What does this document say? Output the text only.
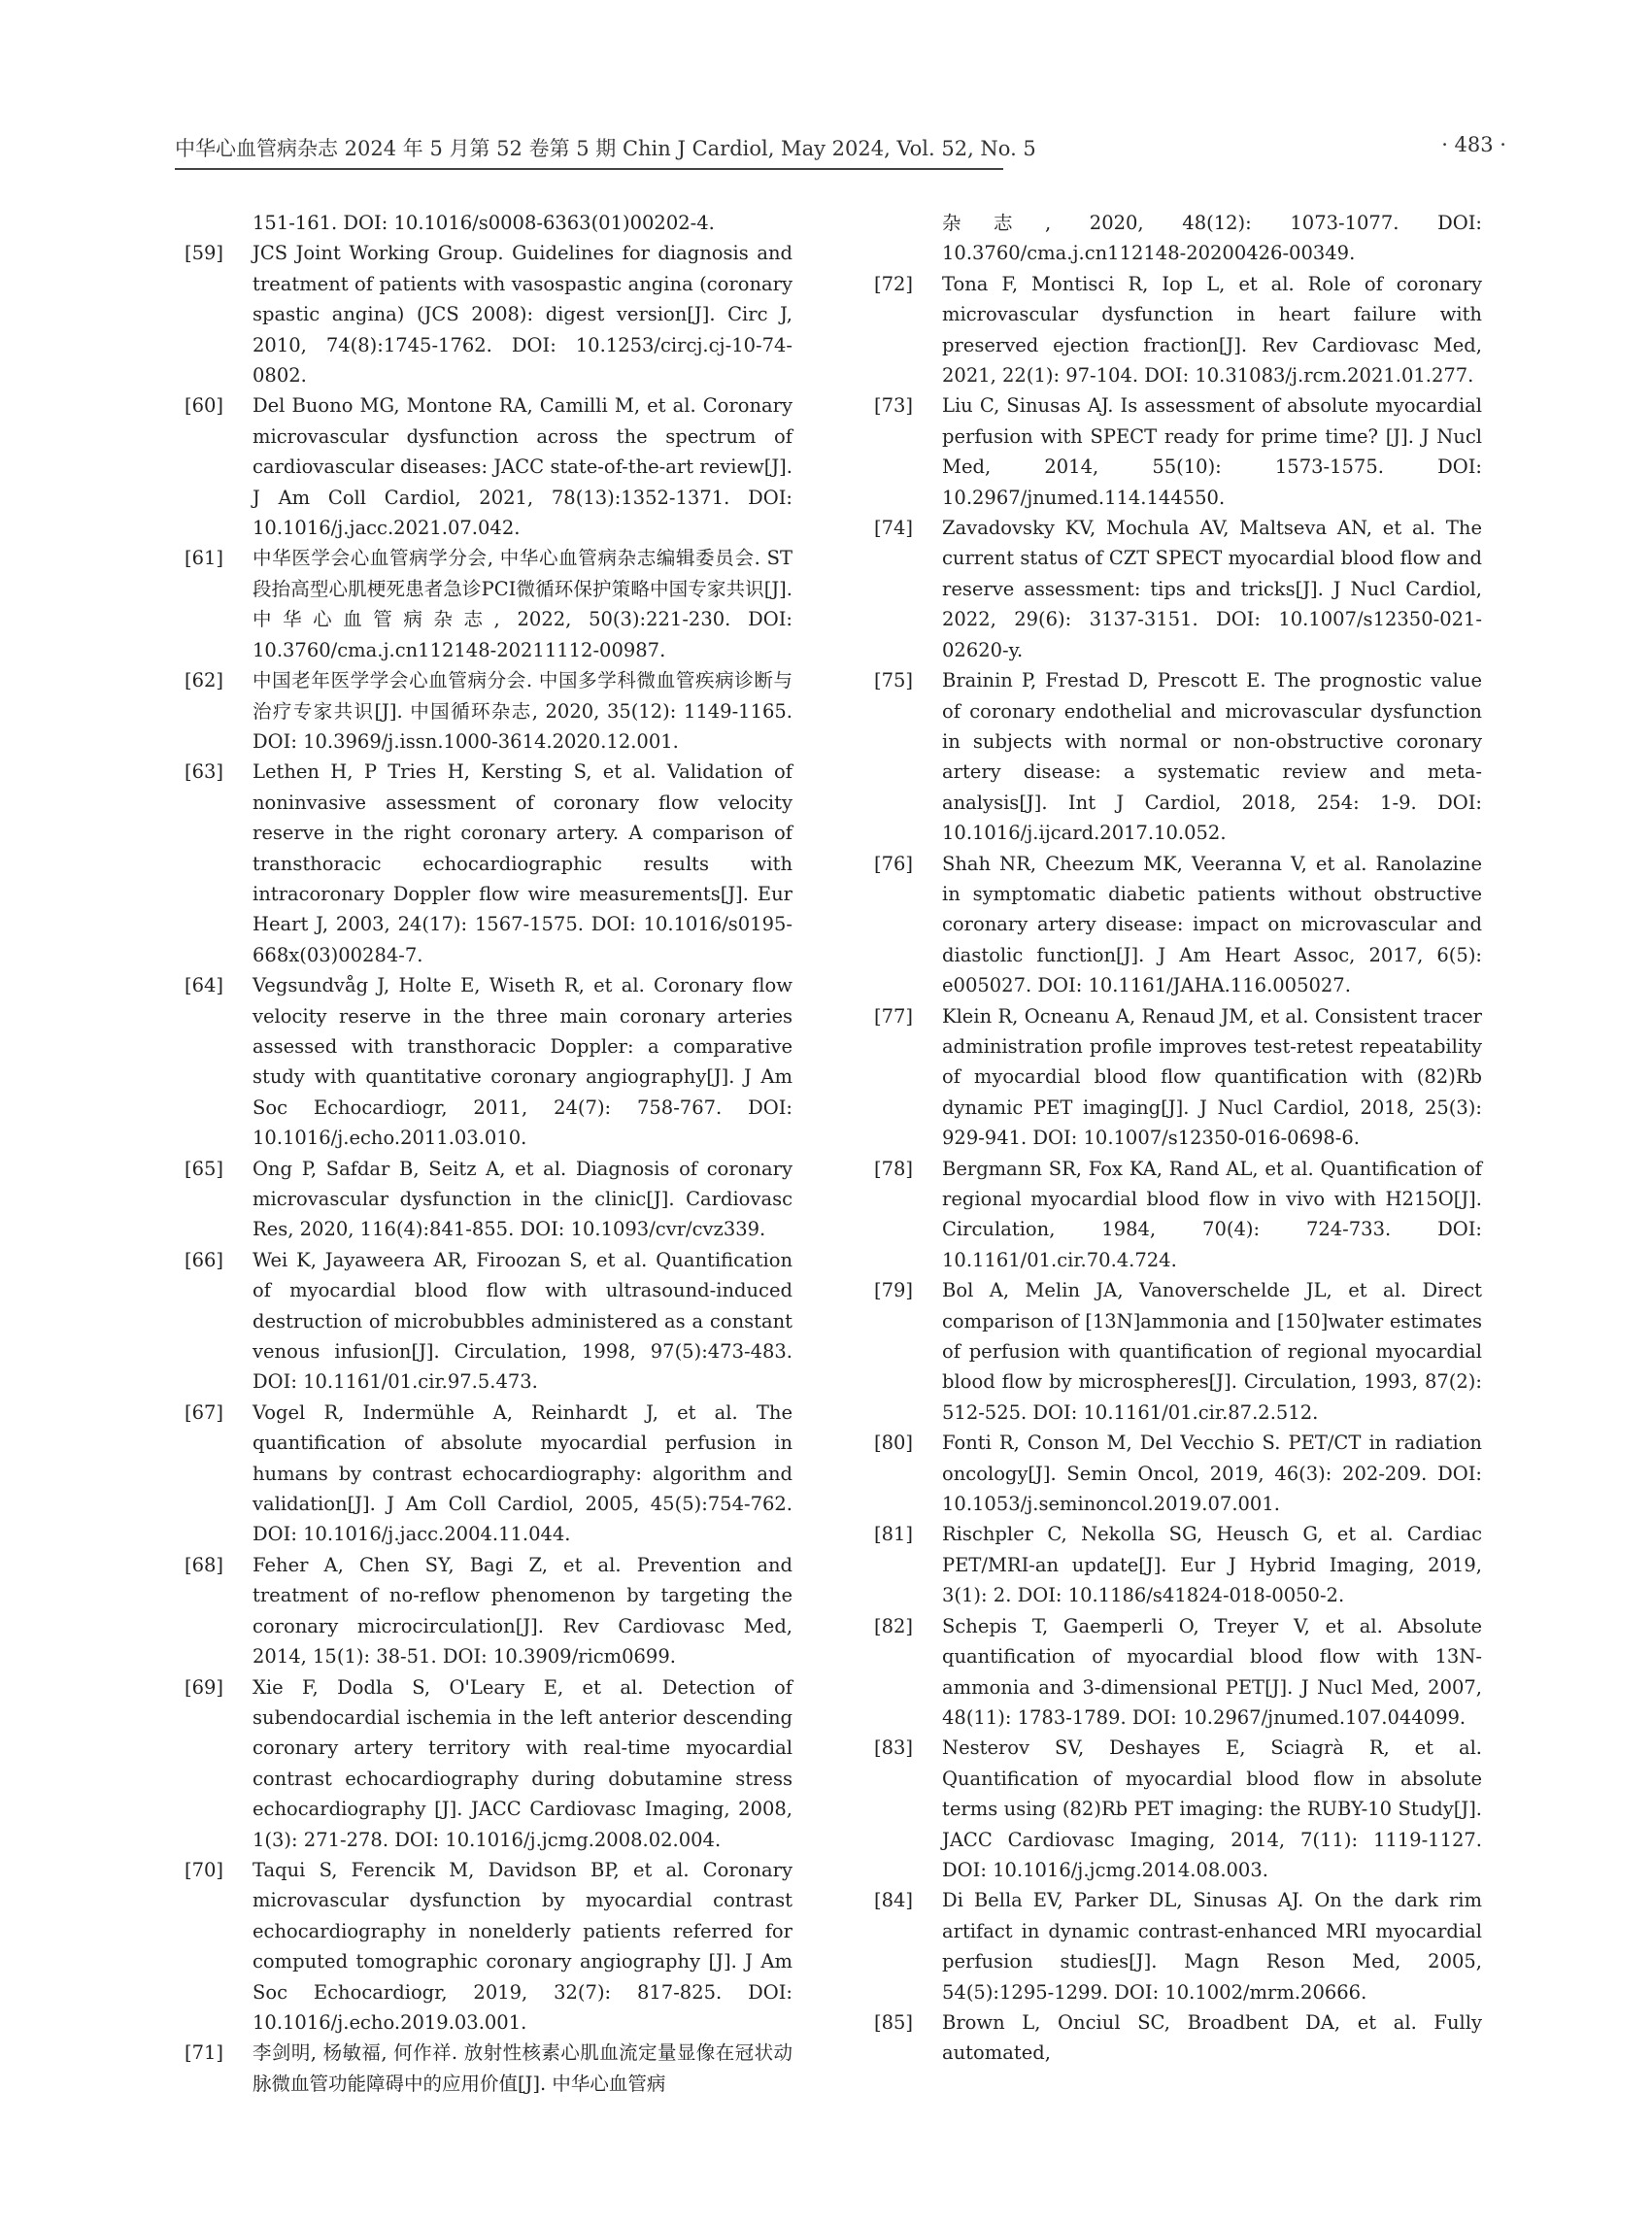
中华心血管病杂志 2024 年 5 月第 52 卷第 5 期 Chin J Cardiol, May 2024, Vol. 52, No. 5	· 483 ·
151-161. DOI: 10.1016/s0008-6363(01)00202-4.
[59] JCS Joint Working Group. Guidelines for diagnosis and treatment of patients with vasospastic angina (coronary spastic angina) (JCS 2008): digest version[J]. Circ J, 2010, 74(8):1745-1762. DOI: 10.1253/circj.cj-10-74-0802.
[60] Del Buono MG, Montone RA, Camilli M, et al. Coronary microvascular dysfunction across the spectrum of cardiovascular diseases: JACC state-of-the-art review[J]. J Am Coll Cardiol, 2021, 78(13):1352-1371. DOI: 10.1016/j.jacc.2021.07.042.
[61] 中华医学会心血管病学分会, 中华心血管病杂志编辑委员会. ST段抬高型心肌梗死患者急诊PCI微循环保护策略中国专家共识[J]. 中华心血管病杂志, 2022, 50(3):221-230. DOI: 10.3760/cma.j.cn112148-20211112-00987.
[62] 中国老年医学学会心血管病分会. 中国多学科微血管疾病诊断与治疗专家共识[J]. 中国循环杂志, 2020, 35(12): 1149-1165. DOI: 10.3969/j.issn.1000-3614.2020.12.001.
[63] Lethen H, P Tries H, Kersting S, et al. Validation of noninvasive assessment of coronary flow velocity reserve in the right coronary artery. A comparison of transthoracic echocardiographic results with intracoronary Doppler flow wire measurements[J]. Eur Heart J, 2003, 24(17): 1567-1575. DOI: 10.1016/s0195-668x(03)00284-7.
[64] Vegsundvåg J, Holte E, Wiseth R, et al. Coronary flow velocity reserve in the three main coronary arteries assessed with transthoracic Doppler: a comparative study with quantitative coronary angiography[J]. J Am Soc Echocardiogr, 2011, 24(7): 758-767. DOI: 10.1016/j.echo.2011.03.010.
[65] Ong P, Safdar B, Seitz A, et al. Diagnosis of coronary microvascular dysfunction in the clinic[J]. Cardiovasc Res, 2020, 116(4):841-855. DOI: 10.1093/cvr/cvz339.
[66] Wei K, Jayaweera AR, Firoozan S, et al. Quantification of myocardial blood flow with ultrasound-induced destruction of microbubbles administered as a constant venous infusion[J]. Circulation, 1998, 97(5):473-483. DOI: 10.1161/01.cir.97.5.473.
[67] Vogel R, Indermühle A, Reinhardt J, et al. The quantification of absolute myocardial perfusion in humans by contrast echocardiography: algorithm and validation[J]. J Am Coll Cardiol, 2005, 45(5):754-762. DOI: 10.1016/j.jacc.2004.11.044.
[68] Feher A, Chen SY, Bagi Z, et al. Prevention and treatment of no-reflow phenomenon by targeting the coronary microcirculation[J]. Rev Cardiovasc Med, 2014, 15(1): 38-51. DOI: 10.3909/ricm0699.
[69] Xie F, Dodla S, O'Leary E, et al. Detection of subendocardial ischemia in the left anterior descending coronary artery territory with real-time myocardial contrast echocardiography during dobutamine stress echocardiography [J]. JACC Cardiovasc Imaging, 2008, 1(3): 271-278. DOI: 10.1016/j.jcmg.2008.02.004.
[70] Taqui S, Ferencik M, Davidson BP, et al. Coronary microvascular dysfunction by myocardial contrast echocardiography in nonelderly patients referred for computed tomographic coronary angiography [J]. J Am Soc Echocardiogr, 2019, 32(7): 817-825. DOI: 10.1016/j.echo.2019.03.001.
[71] 李剑明, 杨敏福, 何作祥. 放射性核素心肌血流定量显像在冠状动脉微血管功能障碍中的应用价值[J]. 中华心血管病
杂志, 2020, 48(12): 1073-1077. DOI: 10.3760/cma.j.cn112148-20200426-00349.
[72] Tona F, Montisci R, Iop L, et al. Role of coronary microvascular dysfunction in heart failure with preserved ejection fraction[J]. Rev Cardiovasc Med, 2021, 22(1): 97-104. DOI: 10.31083/j.rcm.2021.01.277.
[73] Liu C, Sinusas AJ. Is assessment of absolute myocardial perfusion with SPECT ready for prime time? [J]. J Nucl Med, 2014, 55(10): 1573-1575. DOI: 10.2967/jnumed.114.144550.
[74] Zavadovsky KV, Mochula AV, Maltseva AN, et al. The current status of CZT SPECT myocardial blood flow and reserve assessment: tips and tricks[J]. J Nucl Cardiol, 2022, 29(6): 3137-3151. DOI: 10.1007/s12350-021-02620-y.
[75] Brainin P, Frestad D, Prescott E. The prognostic value of coronary endothelial and microvascular dysfunction in subjects with normal or non-obstructive coronary artery disease: a systematic review and meta-analysis[J]. Int J Cardiol, 2018, 254: 1-9. DOI: 10.1016/j.ijcard.2017.10.052.
[76] Shah NR, Cheezum MK, Veeranna V, et al. Ranolazine in symptomatic diabetic patients without obstructive coronary artery disease: impact on microvascular and diastolic function[J]. J Am Heart Assoc, 2017, 6(5): e005027. DOI: 10.1161/JAHA.116.005027.
[77] Klein R, Ocneanu A, Renaud JM, et al. Consistent tracer administration profile improves test-retest repeatability of myocardial blood flow quantification with (82)Rb dynamic PET imaging[J]. J Nucl Cardiol, 2018, 25(3): 929-941. DOI: 10.1007/s12350-016-0698-6.
[78] Bergmann SR, Fox KA, Rand AL, et al. Quantification of regional myocardial blood flow in vivo with H215O[J]. Circulation, 1984, 70(4): 724-733. DOI: 10.1161/01.cir.70.4.724.
[79] Bol A, Melin JA, Vanoverschelde JL, et al. Direct comparison of [13N]ammonia and [150]water estimates of perfusion with quantification of regional myocardial blood flow by microspheres[J]. Circulation, 1993, 87(2): 512-525. DOI: 10.1161/01.cir.87.2.512.
[80] Fonti R, Conson M, Del Vecchio S. PET/CT in radiation oncology[J]. Semin Oncol, 2019, 46(3): 202-209. DOI: 10.1053/j.seminoncol.2019.07.001.
[81] Rischpler C, Nekolla SG, Heusch G, et al. Cardiac PET/MRI-an update[J]. Eur J Hybrid Imaging, 2019, 3(1): 2. DOI: 10.1186/s41824-018-0050-2.
[82] Schepis T, Gaemperli O, Treyer V, et al. Absolute quantification of myocardial blood flow with 13N-ammonia and 3-dimensional PET[J]. J Nucl Med, 2007, 48(11): 1783-1789. DOI: 10.2967/jnumed.107.044099.
[83] Nesterov SV, Deshayes E, Sciagrà R, et al. Quantification of myocardial blood flow in absolute terms using (82)Rb PET imaging: the RUBY-10 Study[J]. JACC Cardiovasc Imaging, 2014, 7(11): 1119-1127. DOI: 10.1016/j.jcmg.2014.08.003.
[84] Di Bella EV, Parker DL, Sinusas AJ. On the dark rim artifact in dynamic contrast-enhanced MRI myocardial perfusion studies[J]. Magn Reson Med, 2005, 54(5):1295-1299. DOI: 10.1002/mrm.20666.
[85] Brown L, Onciul SC, Broadbent DA, et al. Fully automated,
